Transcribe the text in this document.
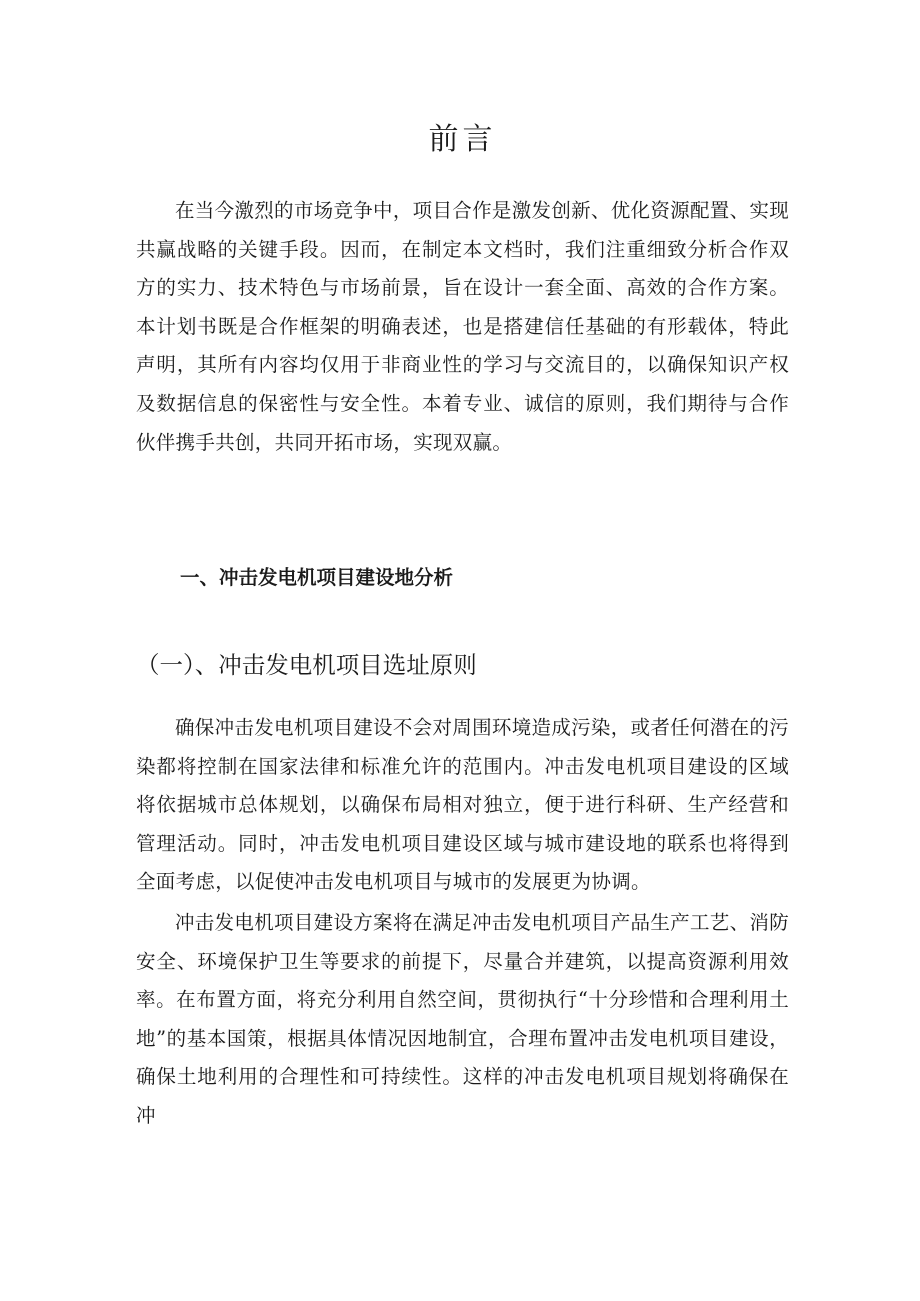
前言

在当今激烈的市场竞争中，项目合作是激发创新、优化资源配置、实现共赢战略的关键手段。因而，在制定本文档时，我们注重细致分析合作双方的实力、技术特色与市场前景，旨在设计一套全面、高效的合作方案。本计划书既是合作框架的明确表述，也是搭建信任基础的有形载体，特此声明，其所有内容均仅用于非商业性的学习与交流目的，以确保知识产权及数据信息的保密性与安全性。本着专业、诚信的原则，我们期待与合作伙伴携手共创，共同开拓市场，实现双赢。

一、冲击发电机项目建设地分析
（一）、冲击发电机项目选址原则

确保冲击发电机项目建设不会对周围环境造成污染，或者任何潜在的污染都将控制在国家法律和标准允许的范围内。冲击发电机项目建设的区域将依据城市总体规划，以确保布局相对独立，便于进行科研、生产经营和管理活动。同时，冲击发电机项目建设区域与城市建设地的联系也将得到全面考虑，以促使冲击发电机项目与城市的发展更为协调。

冲击发电机项目建设方案将在满足冲击发电机项目产品生产工艺、消防安全、环境保护卫生等要求的前提下，尽量合并建筑，以提高资源利用效率。在布置方面，将充分利用自然空间，贯彻执行“十分珍惜和合理利用土地”的基本国策，根据具体情况因地制宜，合理布置冲击发电机项目建设，确保土地利用的合理性和可持续性。这样的冲击发电机项目规划将确保在冲
